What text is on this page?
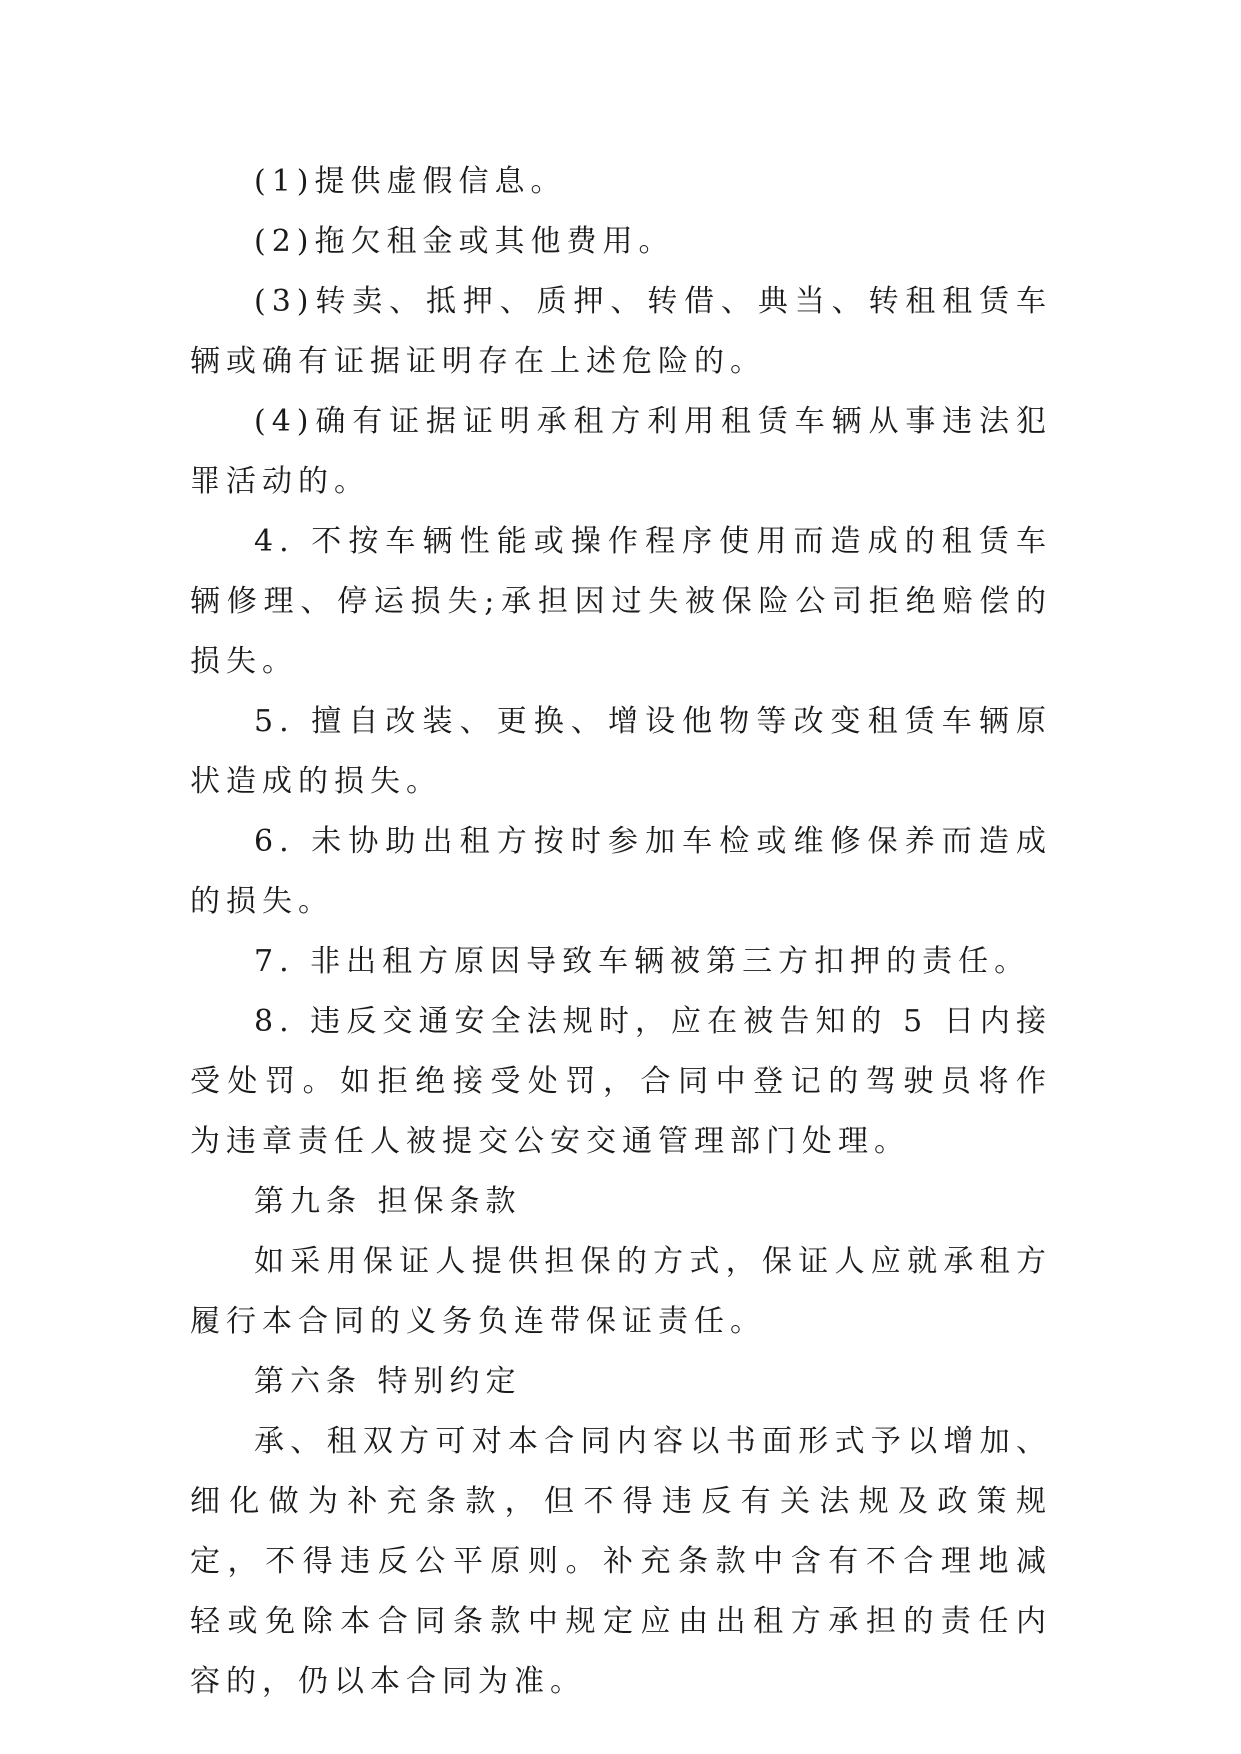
(1)提供虚假信息。

(2)拖欠租金或其他费用。

(3)转卖、抵押、质押、转借、典当、转租租赁车辆或确有证据证明存在上述危险的。

(4)确有证据证明承租方利用租赁车辆从事违法犯罪活动的。

4. 不按车辆性能或操作程序使用而造成的租赁车辆修理、停运损失;承担因过失被保险公司拒绝赔偿的损失。

5. 擅自改装、更换、增设他物等改变租赁车辆原状造成的损失。

6. 未协助出租方按时参加车检或维修保养而造成的损失。

7. 非出租方原因导致车辆被第三方扣押的责任。

8. 违反交通安全法规时，应在被告知的 5 日内接受处罚。如拒绝接受处罚，合同中登记的驾驶员将作为违章责任人被提交公安交通管理部门处理。

第九条 担保条款

如采用保证人提供担保的方式，保证人应就承租方履行本合同的义务负连带保证责任。

第六条 特别约定

承、租双方可对本合同内容以书面形式予以增加、细化做为补充条款，但不得违反有关法规及政策规定，不得违反公平原则。补充条款中含有不合理地减轻或免除本合同条款中规定应由出租方承担的责任内容的，仍以本合同为准。
